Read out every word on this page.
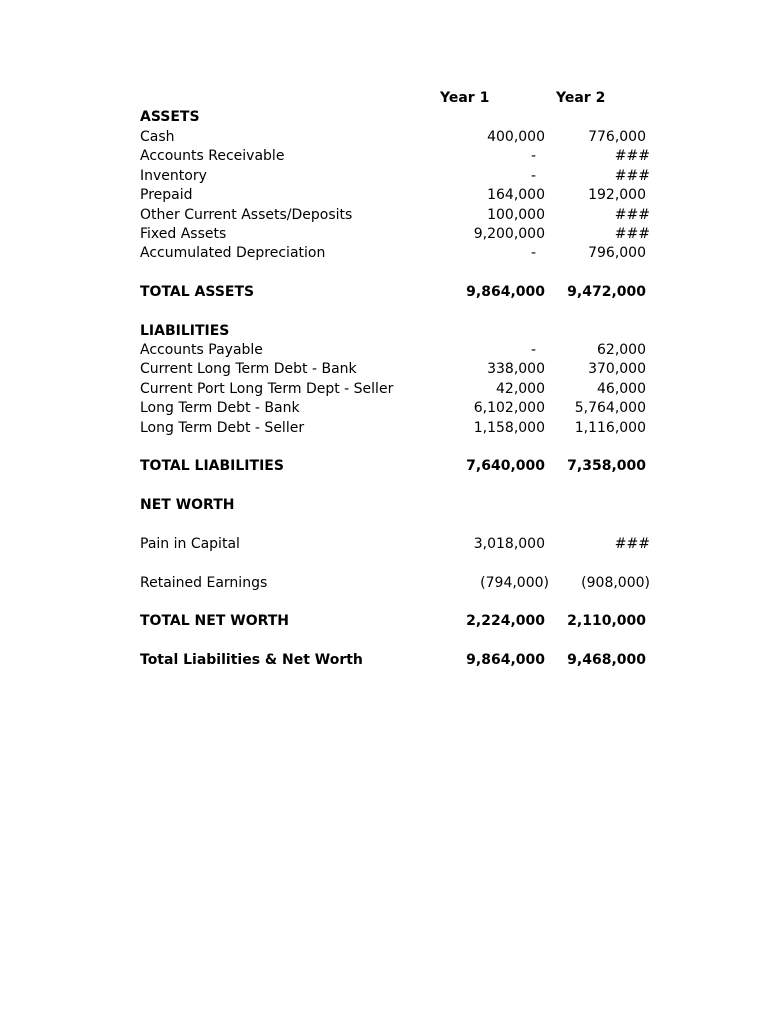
Year 1	Year 2
ASSETS
Cash	400,000	776,000
Accounts Receivable	-	###
Inventory	-	###
Prepaid	164,000	192,000
Other Current Assets/Deposits	100,000	###
Fixed Assets	9,200,000	###
Accumulated Depreciation	-	796,000
TOTAL ASSETS	9,864,000 9,472,000
LIABILITIES
Accounts Payable	-	62,000
Current Long Term Debt - Bank	338,000	370,000
Current Port Long Term Dept - Seller	42,000	46,000
Long Term Debt - Bank	6,102,000 5,764,000
Long Term Debt - Seller	1,158,000 1,116,000
TOTAL LIABILITIES	7,640,000 7,358,000
NET WORTH
Pain in Capital	3,018,000	###
Retained Earnings	(794,000) (908,000)
TOTAL NET WORTH	2,224,000 2,110,000
Total Liabilities & Net Worth	9,864,000 9,468,000
